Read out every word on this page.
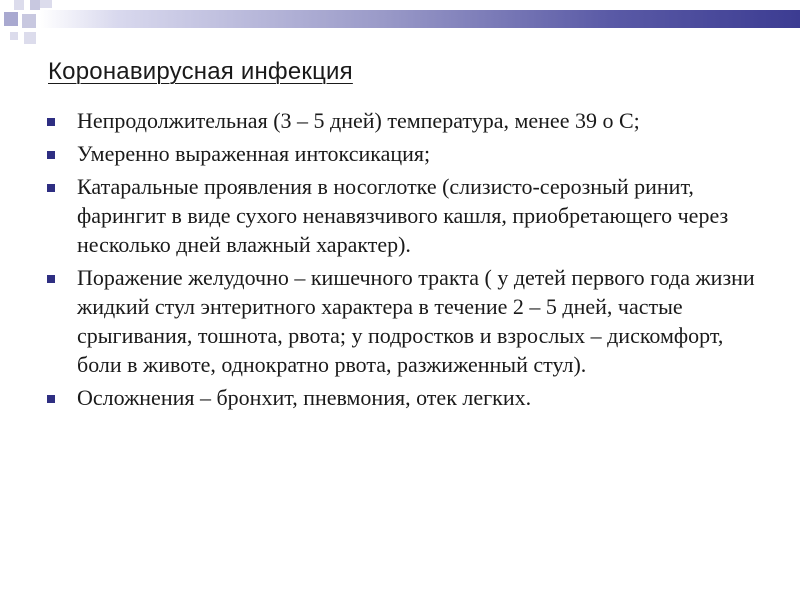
Коронавирусная инфекция
Непродолжительная (3 – 5 дней) температура, менее 39 о С;
Умеренно выраженная интоксикация;
Катаральные проявления в носоглотке (слизисто-серозный ринит, фарингит в виде сухого ненавязчивого кашля, приобретающего через несколько дней влажный характер).
Поражение желудочно – кишечного тракта ( у детей первого года жизни жидкий стул энтеритного характера в течение 2 – 5 дней, частые срыгивания, тошнота, рвота; у подростков и взрослых – дискомфорт, боли в животе, однократно рвота, разжиженный стул).
Осложнения – бронхит, пневмония, отек легких.
